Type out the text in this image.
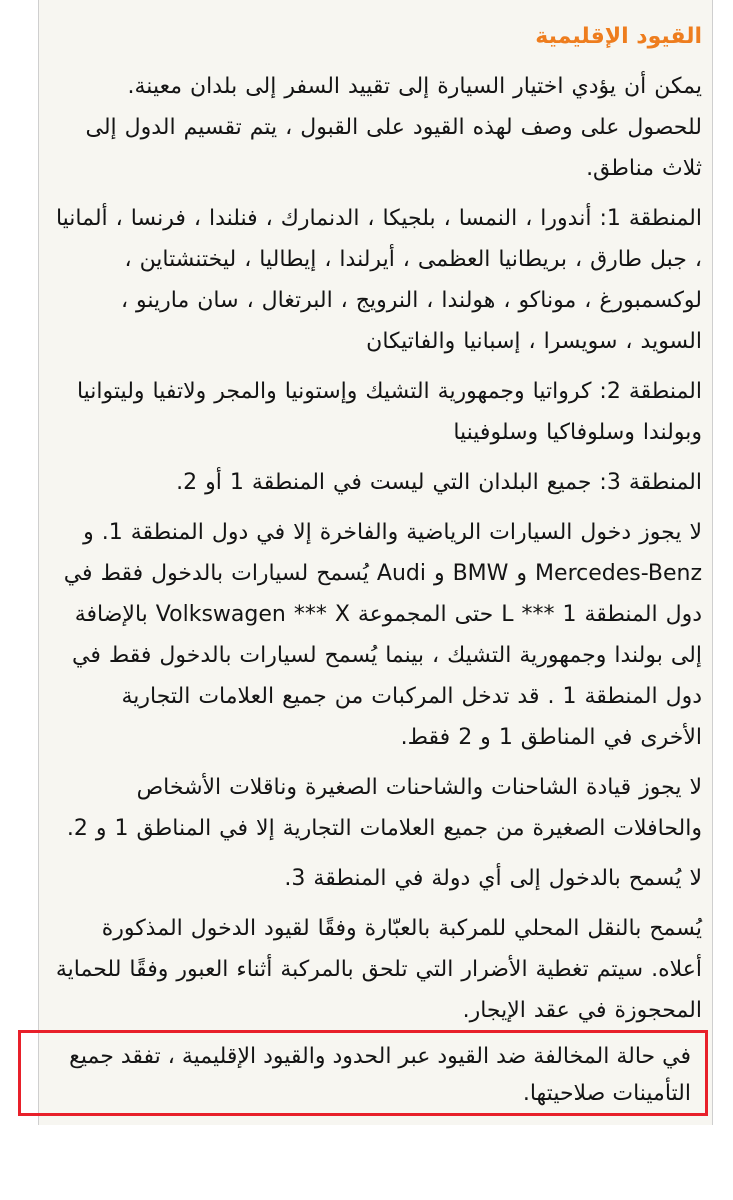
القيود الإقليمية

يمكن أن يؤدي اختيار السيارة إلى تقييد السفر إلى بلدان معينة. للحصول على وصف لهذه القيود على القبول ، يتم تقسيم الدول إلى ثلاث مناطق.

المنطقة 1: أندورا ، النمسا ، بلجيكا ، الدنمارك ، فنلندا ، فرنسا ، ألمانيا ، جبل طارق ، بريطانيا العظمى ، أيرلندا ، إيطاليا ، ليختنشتاين ، لوكسمبورغ ، موناكو ، هولندا ، النرويج ، البرتغال ، سان مارينو ، السويد ، سويسرا ، إسبانيا والفاتيكان

المنطقة 2: كرواتيا وجمهورية التشيك وإستونيا والمجر ولاتفيا وليتوانيا وبولندا وسلوفاكيا وسلوفينيا

المنطقة 3: جميع البلدان التي ليست في المنطقة 1 أو 2.

لا يجوز دخول السيارات الرياضية والفاخرة إلا في دول المنطقة 1. و Mercedes-Benz و BMW و Audi يُسمح لسيارات بالدخول فقط في دول المنطقة 1 *** L حتى المجموعة Volkswagen *** X بالإضافة إلى بولندا وجمهورية التشيك ، بينما يُسمح لسيارات بالدخول فقط في دول المنطقة 1 . قد تدخل المركبات من جميع العلامات التجارية الأخرى في المناطق 1 و 2 فقط.

لا يجوز قيادة الشاحنات والشاحنات الصغيرة وناقلات الأشخاص والحافلات الصغيرة من جميع العلامات التجارية إلا في المناطق 1 و 2.

لا يُسمح بالدخول إلى أي دولة في المنطقة 3.

يُسمح بالنقل المحلي للمركبة بالعبّارة وفقًا لقيود الدخول المذكورة أعلاه. سيتم تغطية الأضرار التي تلحق بالمركبة أثناء العبور وفقًا للحماية المحجوزة في عقد الإيجار.

في حالة المخالفة ضد القيود عبر الحدود والقيود الإقليمية ، تفقد جميع التأمينات صلاحيتها.
